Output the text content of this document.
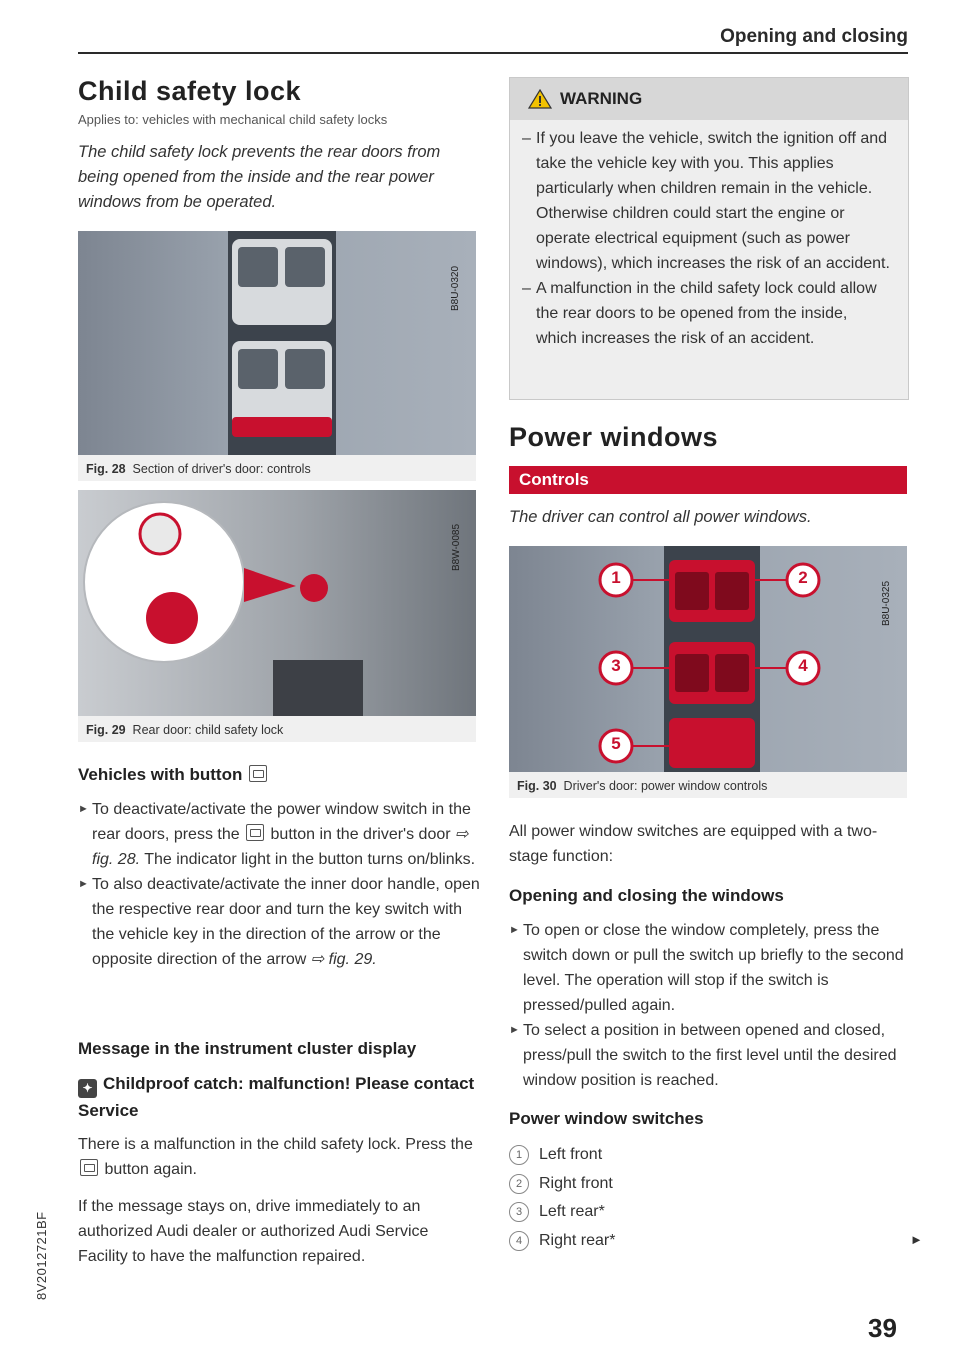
Opening and closing
Child safety lock
Applies to: vehicles with mechanical child safety locks
The child safety lock prevents the rear doors from being opened from the inside and the rear power windows from be operated.
B8U-0320
Fig. 28 Section of driver's door: controls
B8W-0085
Fig. 29 Rear door: child safety lock
Vehicles with button
► To deactivate/activate the power window switch in the rear doors, press the button in the driver's door ⇨ fig. 28. The indicator light in the button turns on/blinks.
► To also deactivate/activate the inner door handle, open the respective rear door and turn the key switch with the vehicle key in the direction of the arrow or the opposite direction of the arrow ⇨ fig. 29.
Message in the instrument cluster display
✦ Childproof catch: malfunction! Please contact Service
There is a malfunction in the child safety lock. Press the  button again.
If the message stays on, drive immediately to an authorized Audi dealer or authorized Audi Service Facility to have the malfunction repaired.
8V2012721BF
WARNING
– If you leave the vehicle, switch the ignition off and take the vehicle key with you. This applies particularly when children remain in the vehicle. Otherwise children could start the engine or operate electrical equipment (such as power windows), which increases the risk of an accident.
– A malfunction in the child safety lock could allow the rear doors to be opened from the inside, which increases the risk of an accident.
Power windows
Controls
The driver can control all power windows.
1	2
3	4
5
B8U-0325
Fig. 30 Driver's door: power window controls
All power window switches are equipped with a two-stage function:
Opening and closing the windows
► To open or close the window completely, press the switch down or pull the switch up briefly to the second level. The operation will stop if the switch is pressed/pulled again.
► To select a position in between opened and closed, press/pull the switch to the first level until the desired window position is reached.
Power window switches
1 Left front
2 Right front
3 Left rear*
4 Right rear*	►
39
